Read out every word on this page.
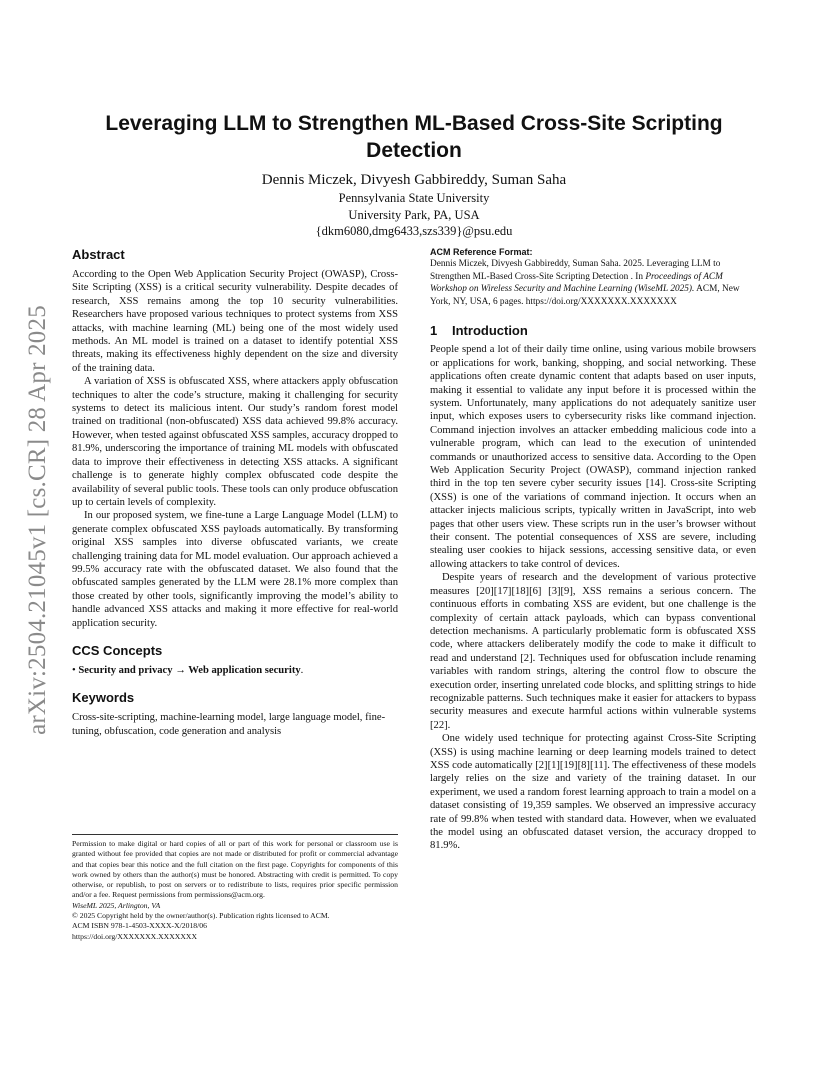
arXiv:2504.21045v1 [cs.CR] 28 Apr 2025
Leveraging LLM to Strengthen ML-Based Cross-Site Scripting Detection
Dennis Miczek, Divyesh Gabbireddy, Suman Saha
Pennsylvania State University
University Park, PA, USA
{dkm6080,dmg6433,szs339}@psu.edu
Abstract

According to the Open Web Application Security Project (OWASP), Cross-Site Scripting (XSS) is a critical security vulnerability. Despite decades of research, XSS remains among the top 10 security vulnerabilities. Researchers have proposed various techniques to protect systems from XSS attacks, with machine learning (ML) being one of the most widely used methods. An ML model is trained on a dataset to identify potential XSS threats, making its effectiveness highly dependent on the size and diversity of the training data.

A variation of XSS is obfuscated XSS, where attackers apply obfuscation techniques to alter the code’s structure, making it challenging for security systems to detect its malicious intent. Our study’s random forest model trained on traditional (non-obfuscated) XSS data achieved 99.8% accuracy. However, when tested against obfuscated XSS samples, accuracy dropped to 81.9%, underscoring the importance of training ML models with obfuscated data to improve their effectiveness in detecting XSS attacks. A significant challenge is to generate highly complex obfuscated code despite the availability of several public tools. These tools can only produce obfuscation up to certain levels of complexity.

In our proposed system, we fine-tune a Large Language Model (LLM) to generate complex obfuscated XSS payloads automatically. By transforming original XSS samples into diverse obfuscated variants, we create challenging training data for ML model evaluation. Our approach achieved a 99.5% accuracy rate with the obfuscated dataset. We also found that the obfuscated samples generated by the LLM were 28.1% more complex than those created by other tools, significantly improving the model’s ability to handle advanced XSS attacks and making it more effective for real-world application security.

CCS Concepts
• Security and privacy → Web application security.
Keywords

Cross-site-scripting, machine-learning model, large language model, fine-tuning, obfuscation, code generation and analysis

Permission to make digital or hard copies of all or part of this work for personal or classroom use is granted without fee provided that copies are not made or distributed for profit or commercial advantage and that copies bear this notice and the full citation on the first page. Copyrights for components of this work owned by others than the author(s) must be honored. Abstracting with credit is permitted. To copy otherwise, or republish, to post on servers or to redistribute to lists, requires prior specific permission and/or a fee. Request permissions from permissions@acm.org.

WiseML 2025, Arlington, VA

© 2025 Copyright held by the owner/author(s). Publication rights licensed to ACM.

ACM ISBN 978-1-4503-XXXX-X/2018/06

https://doi.org/XXXXXXX.XXXXXXX

ACM Reference Format:

Dennis Miczek, Divyesh Gabbireddy, Suman Saha. 2025. Leveraging LLM to Strengthen ML-Based Cross-Site Scripting Detection . In Proceedings of ACM Workshop on Wireless Security and Machine Learning (WiseML 2025). ACM, New York, NY, USA, 6 pages. https://doi.org/XXXXXXX.XXXXXXX

1 Introduction

People spend a lot of their daily time online, using various mobile browsers or applications for work, banking, shopping, and social networking. These applications often create dynamic content that adapts based on user inputs, making it essential to validate any input before it is processed within the system. Unfortunately, many applications do not adequately sanitize user input, which exposes users to cybersecurity risks like command injection. Command injection involves an attacker embedding malicious code into a vulnerable program, which can lead to the execution of unintended commands or unauthorized access to sensitive data. According to the Open Web Application Security Project (OWASP), command injection ranked third in the top ten severe cyber security issues [14]. Cross-site Scripting (XSS) is one of the variations of command injection. It occurs when an attacker injects malicious scripts, typically written in JavaScript, into web pages that other users view. These scripts run in the user’s browser without their consent. The potential consequences of XSS are severe, including stealing user cookies to hijack sessions, accessing sensitive data, or even allowing attackers to take control of devices.

Despite years of research and the development of various protective measures [20][17][18][6] [3][9], XSS remains a serious concern. The continuous efforts in combating XSS are evident, but one challenge is the complexity of certain attack payloads, which can bypass conventional detection mechanisms. A particularly problematic form is obfuscated XSS code, where attackers deliberately modify the code to make it difficult to read and understand [2]. Techniques used for obfuscation include renaming variables with random strings, altering the control flow to obscure the execution order, inserting unrelated code blocks, and splitting strings to hide recognizable patterns. Such techniques make it easier for attackers to bypass security measures and execute harmful actions within vulnerable systems [22].

One widely used technique for protecting against Cross-Site Scripting (XSS) is using machine learning or deep learning models trained to detect XSS code automatically [2][1][19][8][11]. The effectiveness of these models largely relies on the size and variety of the training dataset. In our experiment, we used a random forest learning approach to train a model on a dataset consisting of 19,359 samples. We observed an impressive accuracy rate of 99.8% when tested with standard data. However, when we evaluated the model using an obfuscated dataset version, the accuracy dropped to 81.9%.
